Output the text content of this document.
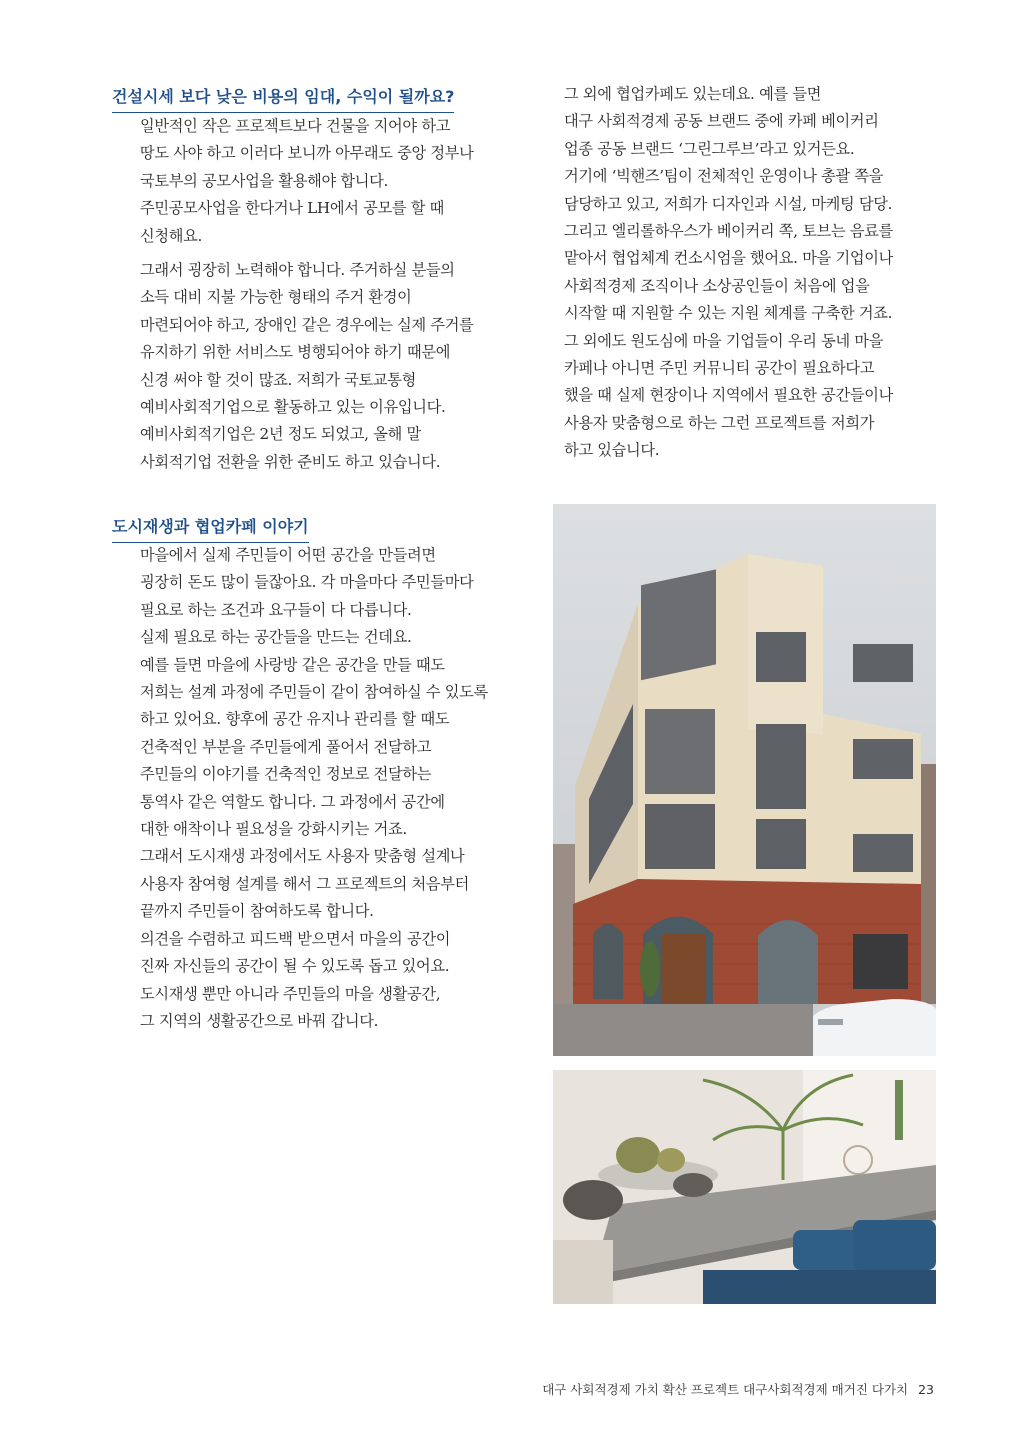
건설시세 보다 낮은 비용의 임대, 수익이 될까요?
일반적인 작은 프로젝트보다 건물을 지어야 하고
땅도 사야 하고 이러다 보니까 아무래도 중앙 정부나
국토부의 공모사업을 활용해야 합니다.
주민공모사업을 한다거나 LH에서 공모를 할 때
신청해요.
그래서 굉장히 노력해야 합니다. 주거하실 분들의
소득 대비 지불 가능한 형태의 주거 환경이
마련되어야 하고, 장애인 같은 경우에는 실제 주거를
유지하기 위한 서비스도 병행되어야 하기 때문에
신경 써야 할 것이 많죠. 저희가 국토교통형
예비사회적기업으로 활동하고 있는 이유입니다.
예비사회적기업은 2년 정도 되었고, 올해 말
사회적기업 전환을 위한 준비도 하고 있습니다.
도시재생과 협업카페 이야기
마을에서 실제 주민들이 어떤 공간을 만들려면
굉장히 돈도 많이 들잖아요. 각 마을마다 주민들마다
필요로 하는 조건과 요구들이 다 다릅니다.
실제 필요로 하는 공간들을 만드는 건데요.
예를 들면 마을에 사랑방 같은 공간을 만들 때도
저희는 설계 과정에 주민들이 같이 참여하실 수 있도록
하고 있어요. 향후에 공간 유지나 관리를 할 때도
건축적인 부분을 주민들에게 풀어서 전달하고
주민들의 이야기를 건축적인 정보로 전달하는
통역사 같은 역할도 합니다. 그 과정에서 공간에
대한 애착이나 필요성을 강화시키는 거죠.
그래서 도시재생 과정에서도 사용자 맞춤형 설계나
사용자 참여형 설계를 해서 그 프로젝트의 처음부터
끝까지 주민들이 참여하도록 합니다.
의견을 수렴하고 피드백 받으면서 마을의 공간이
진짜 자신들의 공간이 될 수 있도록 돕고 있어요.
도시재생 뿐만 아니라 주민들의 마을 생활공간,
그 지역의 생활공간으로 바꿔 갑니다.
그 외에 협업카페도 있는데요. 예를 들면
대구 사회적경제 공동 브랜드 중에 카페 베이커리
업종 공동 브랜드 ‘그린그루브’라고 있거든요.
거기에 ‘빅핸즈’팀이 전체적인 운영이나 총괄 쪽을
담당하고 있고, 저희가 디자인과 시설, 마케팅 담당.
그리고 엘리롤하우스가 베이커리 쪽, 토브는 음료를
맡아서 협업체계 컨소시엄을 했어요. 마을 기업이나
사회적경제 조직이나 소상공인들이 처음에 업을
시작할 때 지원할 수 있는 지원 체계를 구축한 거죠.
그 외에도 원도심에 마을 기업들이 우리 동네 마을
카페나 아니면 주민 커뮤니티 공간이 필요하다고
했을 때 실제 현장이나 지역에서 필요한 공간들이나
사용자 맞춤형으로 하는 그런 프로젝트를 저희가
하고 있습니다.
대구 사회적경제 가치 확산 프로젝트 대구사회적경제 매거진 다가치 23
